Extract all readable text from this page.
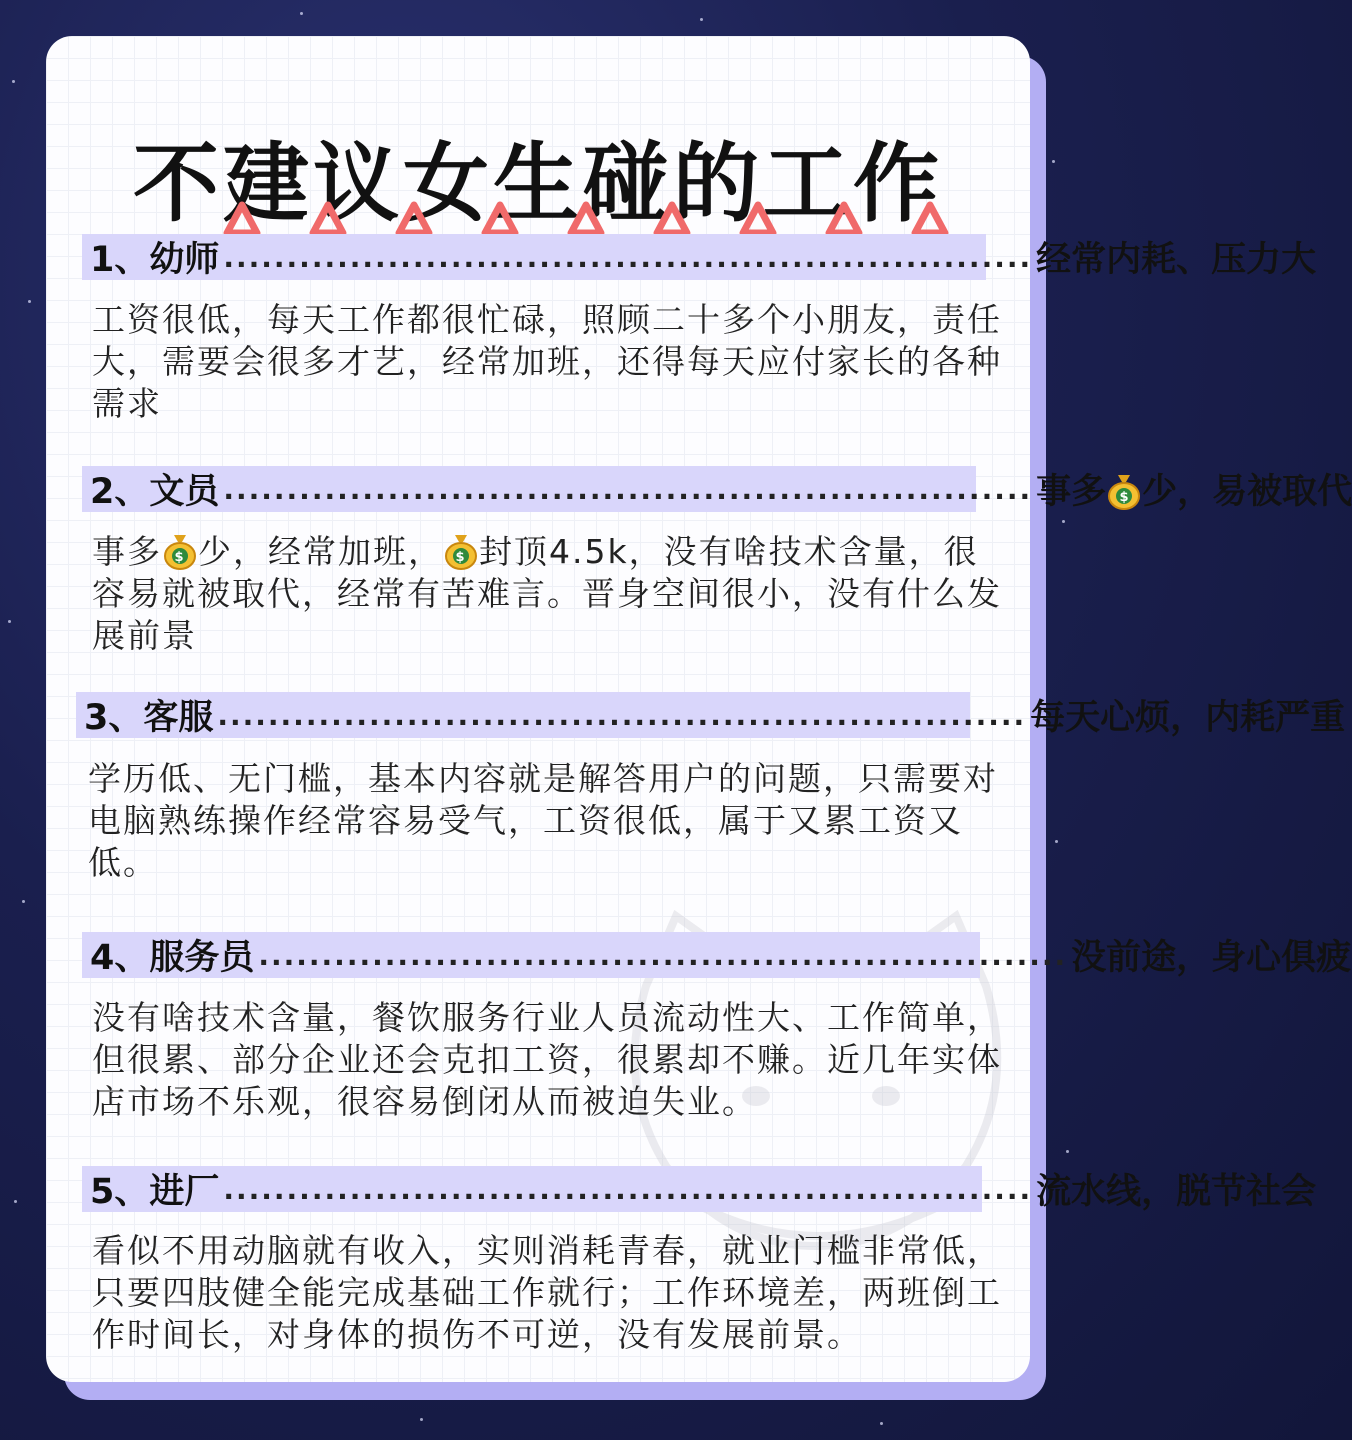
不建议女生碰的工作
1、幼师 ................................................................ 经常内耗、压力大

工资很低，每天工作都很忙碌，照顾二十多个小朋友，责任大，需要会很多才艺，经常加班，还得每天应付家长的各种需求

2、文员 ................................................................ 事多 $ 少，易被取代

事多 $ 少，经常加班， $ 封顶4.5k，没有啥技术含量，很容易就被取代，经常有苦难言。晋身空间很小，没有什么发展前景

3、客服 ................................................................ 每天心烦，内耗严重

学历低、无门槛，基本内容就是解答用户的问题，只需要对电脑熟练操作经常容易受气，工资很低，属于又累工资又低。

4、服务员 ................................................................ 没前途，身心俱疲

没有啥技术含量，餐饮服务行业人员流动性大、工作简单，但很累、部分企业还会克扣工资，很累却不赚。近几年实体店市场不乐观，很容易倒闭从而被迫失业。

5、进厂 ................................................................ 流水线，脱节社会

看似不用动脑就有收入，实则消耗青春，就业门槛非常低，只要四肢健全能完成基础工作就行；工作环境差，两班倒工作时间长，对身体的损伤不可逆，没有发展前景。
